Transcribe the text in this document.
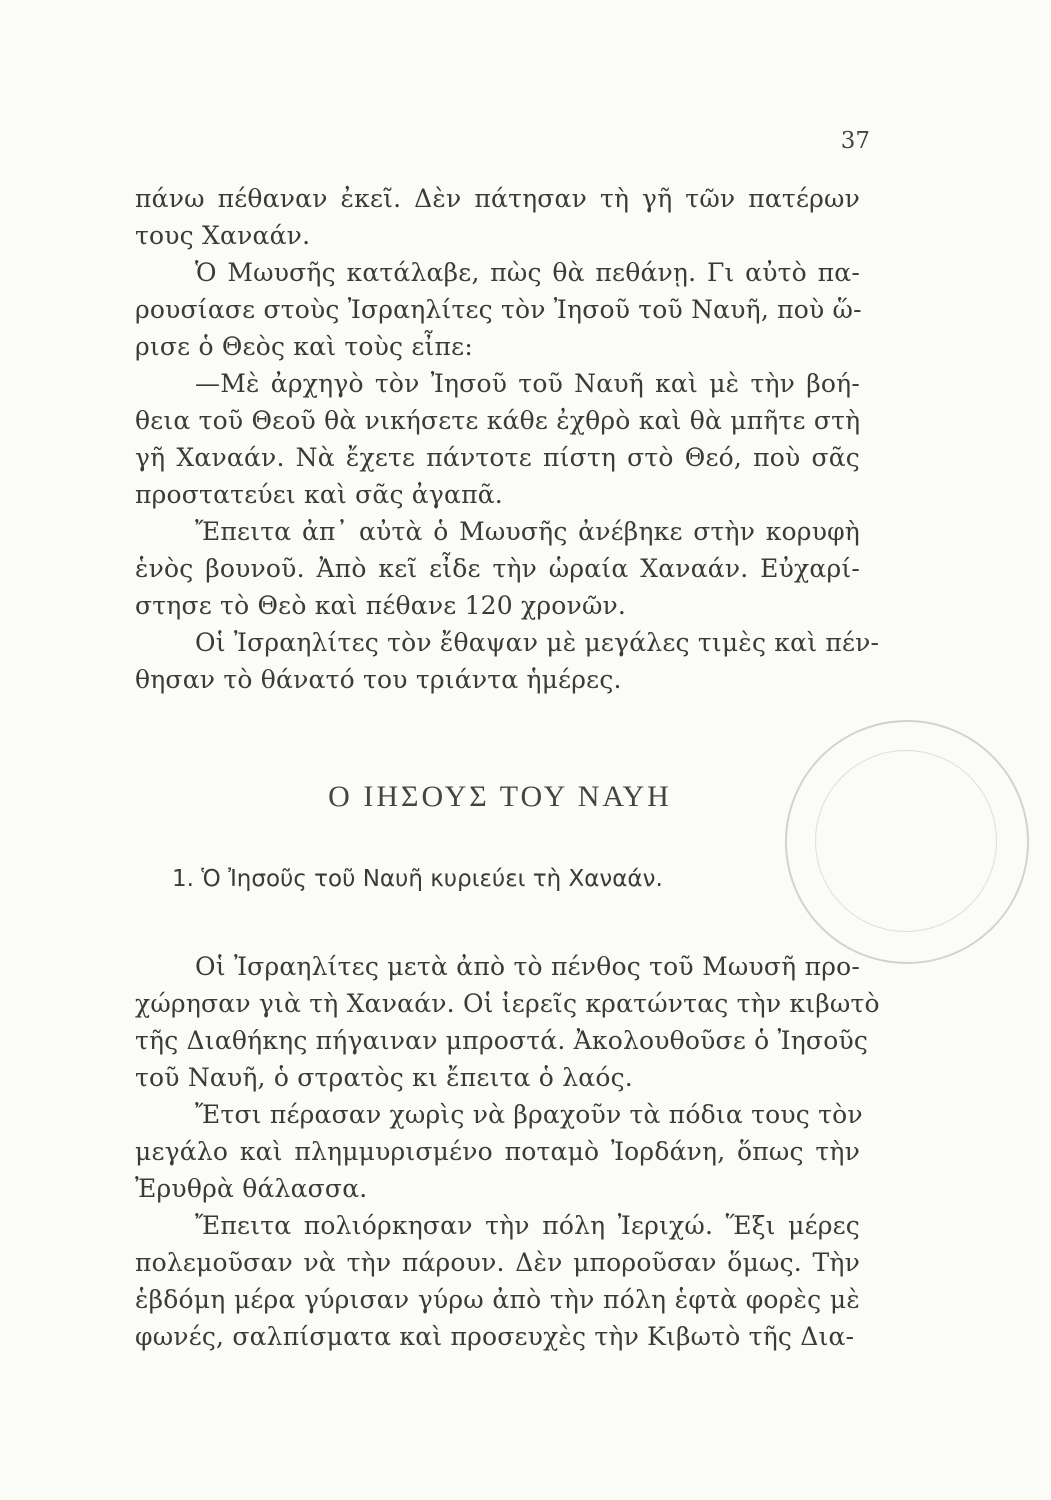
37

πάνω πέθαναν ἐκεῖ. Δὲν πάτησαν τὴ γῆ τῶν πατέρων
τους Χαναάν.

Ὁ Μωυσῆς κατάλαβε, πὼς θὰ πεθάνῃ. Γι αὐτὸ πα-
ρουσίασε στοὺς Ἰσραηλίτες τὸν Ἰησοῦ τοῦ Ναυῆ, ποὺ ὥ-
ρισε ὁ Θεὸς καὶ τοὺς εἶπε:

—Μὲ ἀρχηγὸ τὸν Ἰησοῦ τοῦ Ναυῆ καὶ μὲ τὴν βοή-
θεια τοῦ Θεοῦ θὰ νικήσετε κάθε ἐχθρὸ καὶ θὰ μπῆτε στὴ
γῆ Χαναάν. Νὰ ἔχετε πάντοτε πίστη στὸ Θεό, ποὺ σᾶς
προστατεύει καὶ σᾶς ἀγαπᾶ.

Ἔπειτα ἀπ᾽ αὐτὰ ὁ Μωυσῆς ἀνέβηκε στὴν κορυφὴ
ἑνὸς βουνοῦ. Ἀπὸ κεῖ εἶδε τὴν ὡραία Χαναάν. Εὐχαρί-
στησε τὸ Θεὸ καὶ πέθανε 120 χρονῶν.

Οἱ Ἰσραηλίτες τὸν ἔθαψαν μὲ μεγάλες τιμὲς καὶ πέν-
θησαν τὸ θάνατό του τριάντα ἡμέρες.

Ο ΙΗΣΟΥΣ ΤΟΥ ΝΑΥΗ
1. Ὁ Ἰησοῦς τοῦ Ναυῆ κυριεύει τὴ Χαναάν.

Οἱ Ἰσραηλίτες μετὰ ἀπὸ τὸ πένθος τοῦ Μωυσῆ προ-
χώρησαν γιὰ τὴ Χαναάν. Οἱ ἱερεῖς κρατώντας τὴν κιβωτὸ
τῆς Διαθήκης πήγαιναν μπροστά. Ἀκολουθοῦσε ὁ Ἰησοῦς
τοῦ Ναυῆ, ὁ στρατὸς κι ἔπειτα ὁ λαός.

Ἔτσι πέρασαν χωρὶς νὰ βραχοῦν τὰ πόδια τους τὸν
μεγάλο καὶ πλημμυρισμένο ποταμὸ Ἰορδάνη, ὅπως τὴν
Ἐρυθρὰ θάλασσα.

Ἔπειτα πολιόρκησαν τὴν πόλη Ἰεριχώ. Ἕξι μέρες
πολεμοῦσαν νὰ τὴν πάρουν. Δὲν μποροῦσαν ὅμως. Τὴν
ἑβδόμη μέρα γύρισαν γύρω ἀπὸ τὴν πόλη ἑφτὰ φορὲς μὲ
φωνές, σαλπίσματα καὶ προσευχὲς τὴν Κιβωτὸ τῆς Δια-
